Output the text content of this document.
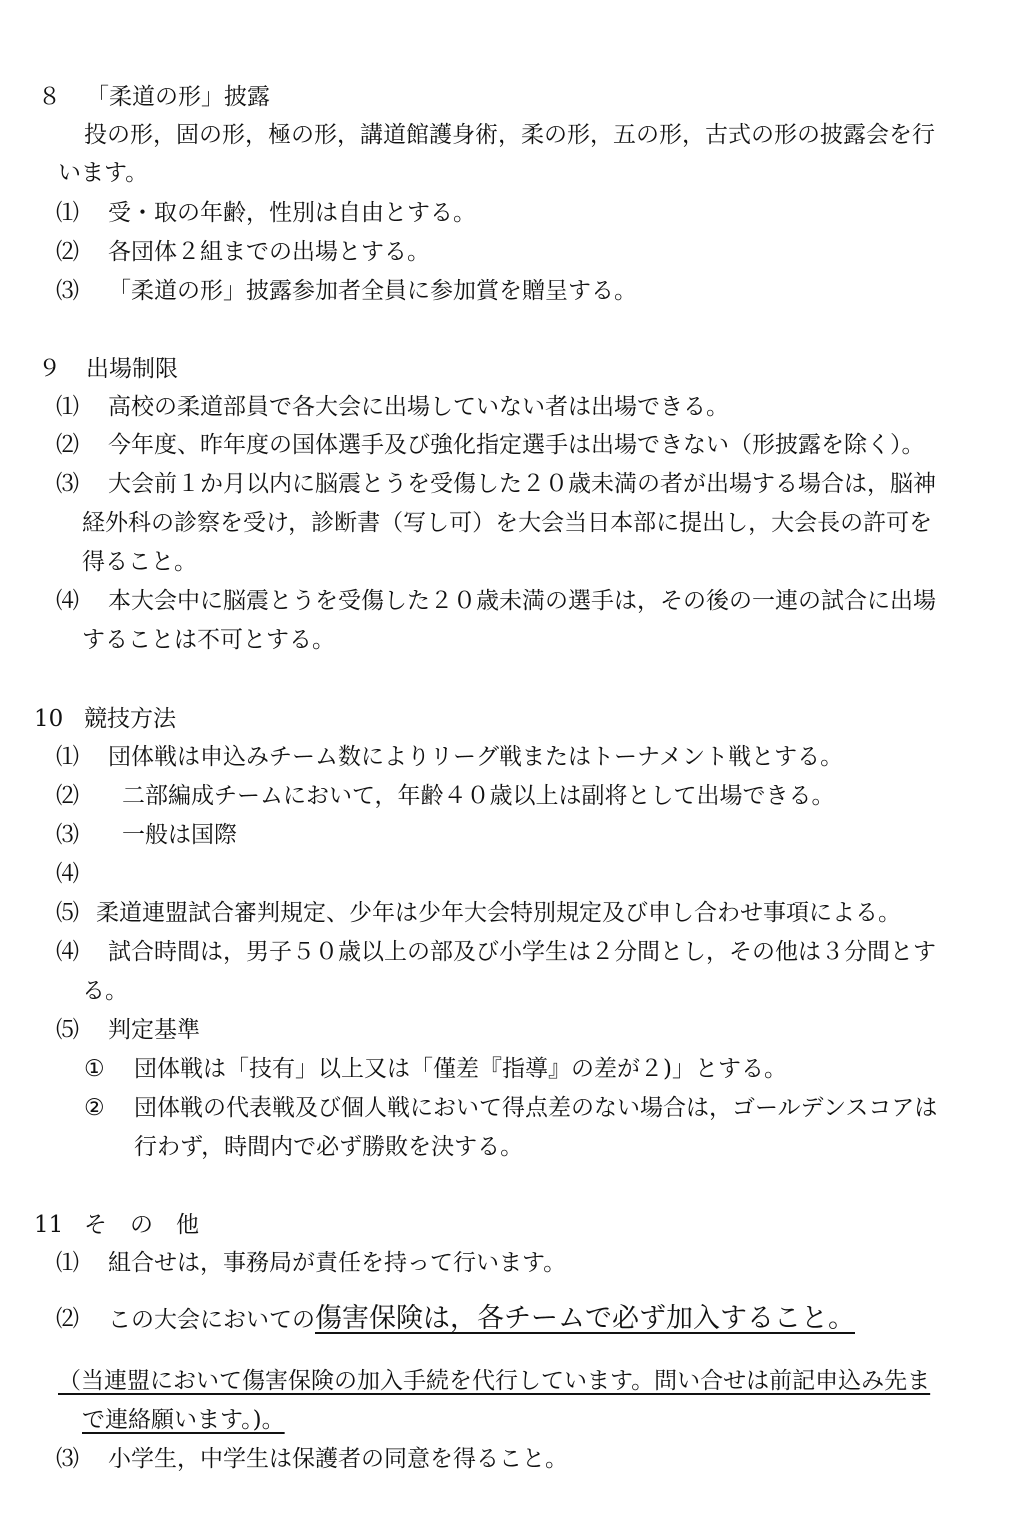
８ 「柔道の形」披露
投の形，固の形，極の形，講道館護身術，柔の形，五の形，古式の形の披露会を行
います。
⑴ 受・取の年齢，性別は自由とする。
⑵ 各団体２組までの出場とする。
⑶ 「柔道の形」披露参加者全員に参加賞を贈呈する。
９ 出場制限
⑴ 高校の柔道部員で各大会に出場していない者は出場できる。
⑵ 今年度、昨年度の国体選手及び強化指定選手は出場できない（形披露を除く）。
⑶ 大会前１か月以内に脳震とうを受傷した２０歳未満の者が出場する場合は，脳神
経外科の診察を受け，診断書（写し可）を大会当日本部に提出し，大会長の許可を
得ること。
⑷ 本大会中に脳震とうを受傷した２０歳未満の選手は，その後の一連の試合に出場
することは不可とする。
10 競技方法
⑴ 団体戦は申込みチーム数によりリーグ戦またはトーナメント戦とする。
⑵ 二部編成チームにおいて，年齢４０歳以上は副将として出場できる。
⑶ 一般は国際
⑷
⑸ 柔道連盟試合審判規定、少年は少年大会特別規定及び申し合わせ事項による。
⑷ 試合時間は，男子５０歳以上の部及び小学生は２分間とし，その他は３分間とす
る。
⑸ 判定基準
① 団体戦は「技有」以上又は「僅差『指導』の差が２)」とする。
② 団体戦の代表戦及び個人戦において得点差のない場合は，ゴールデンスコアは
行わず，時間内で必ず勝敗を決する。
11 そ　の　他
⑴ 組合せは，事務局が責任を持って行います。
⑵ この大会においての傷害保険は，各チームで必ず加入すること。
（当連盟において傷害保険の加入手続を代行しています。問い合せは前記申込み先ま
で連絡願います。)。
⑶ 小学生，中学生は保護者の同意を得ること。
